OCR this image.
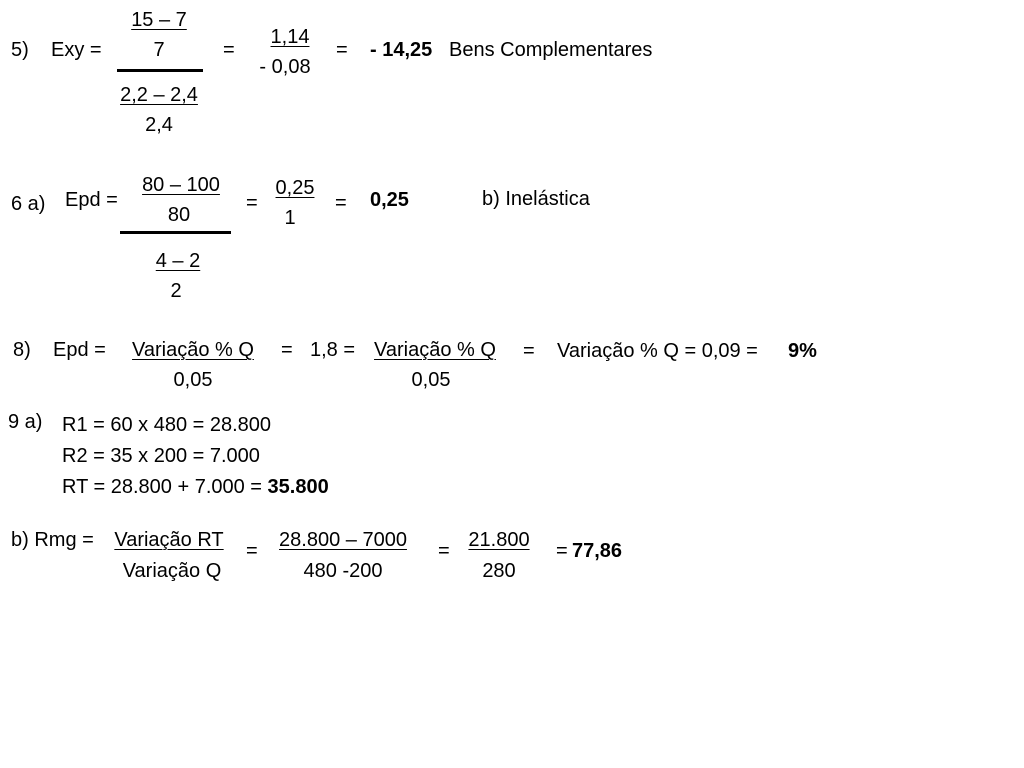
5) Exy =
15 – 7
7
2,2 – 2,4
2,4
=
1,14
- 0,08
= - 14,25 Bens Complementares
6 a) Epd =
80 – 100
80
4 – 2
2
=
0,25
1
= 0,25	b) Inelástica
8) Epd =	Variação % Q
0,05
= 1,8 = Variação % Q
0,05
= Variação % Q = 0,09 = 9%
9 a) R1 = 60 x 480 = 28.800
R2 = 35 x 200 = 7.000
RT = 28.800 + 7.000 = 35.800
b) Rmg =	Variação RT
Variação Q
=	28.800 – 7000
480 -200
= 21.800
280
= 77,86
